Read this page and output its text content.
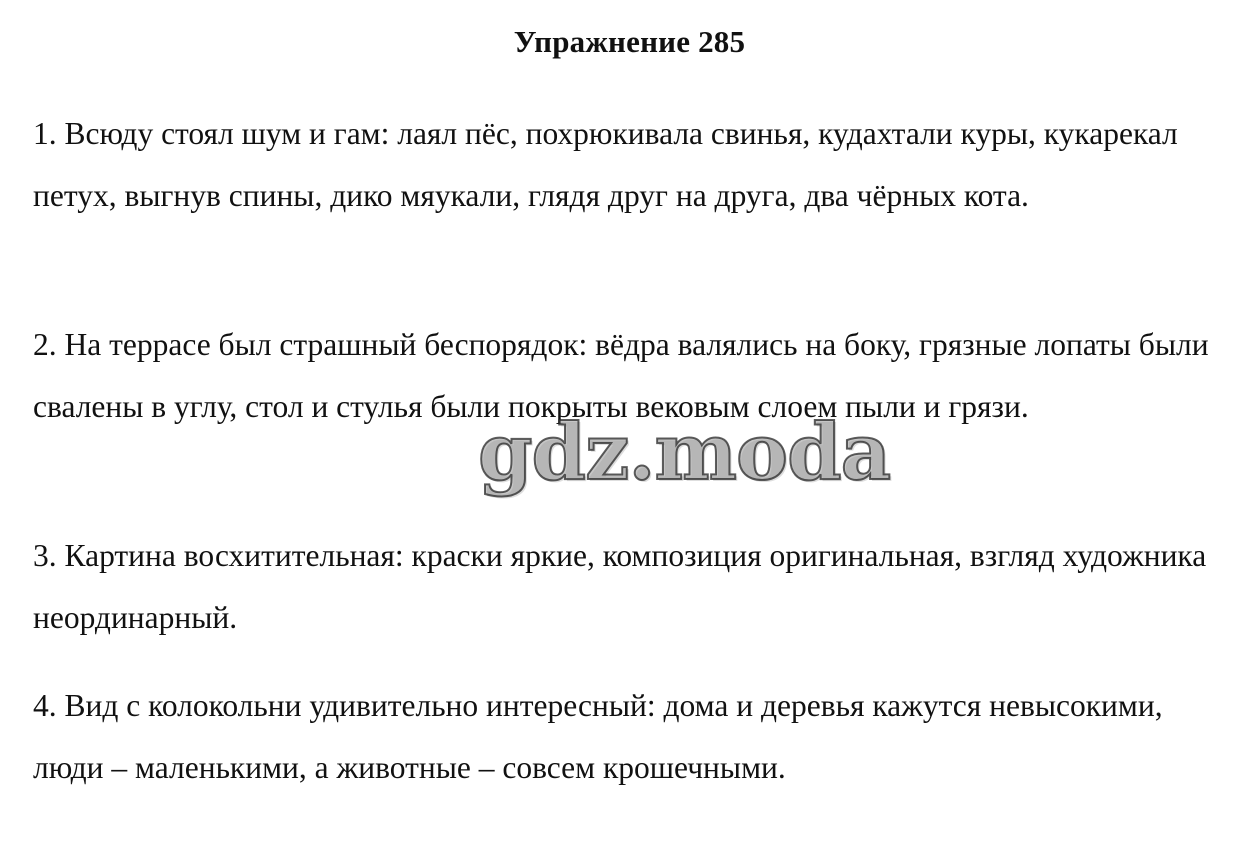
Упражнение 285

1. Всюду стоял шум и гам: лаял пёс, похрюкивала свинья, кудахтали куры, кукарекал петух, выгнув спины, дико мяукали, глядя друг на друга, два чёрных кота.

2. На террасе был страшный беспорядок: вёдра валялись на боку, грязные лопаты были свалены в углу, стол и стулья были покрыты вековым слоем пыли и грязи.

3. Картина восхитительная: краски яркие, композиция оригинальная, взгляд художника неординарный.

4. Вид с колокольни удивительно интересный: дома и деревья кажутся невысокими, люди – маленькими, а животные – совсем крошечными.

gdz.moda
